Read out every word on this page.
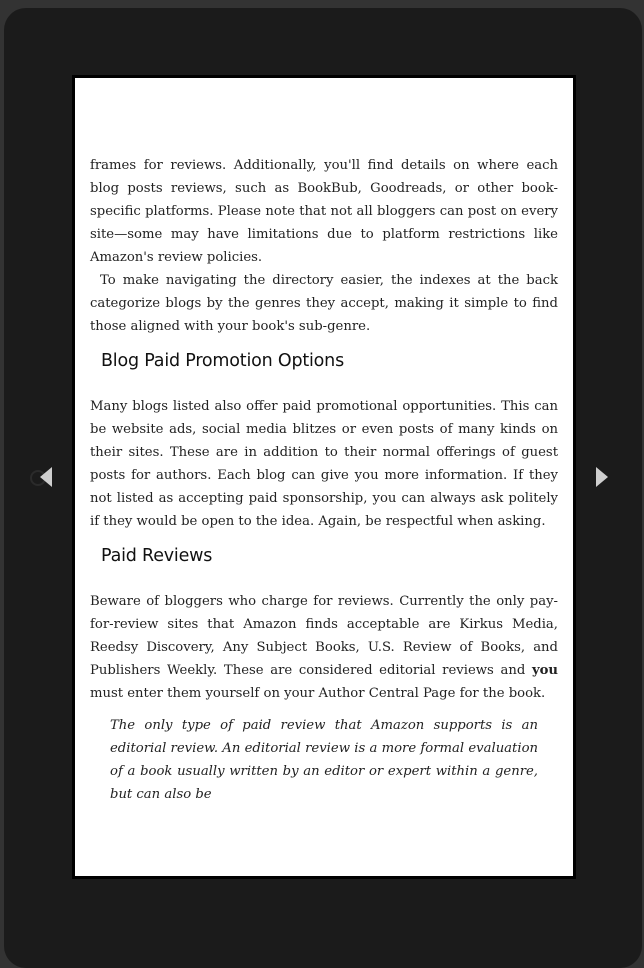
frames for reviews. Additionally, you'll find details on where each blog posts reviews, such as BookBub, Goodreads, or other book-specific platforms. Please note that not all bloggers can post on every site—some may have limitations due to platform restrictions like Amazon's review policies.

To make navigating the directory easier, the indexes at the back categorize blogs by the genres they accept, making it simple to find those aligned with your book's sub-genre.

Blog Paid Promotion Options

Many blogs listed also offer paid promotional opportunities. This can be website ads, social media blitzes or even posts of many kinds on their sites. These are in addition to their normal offerings of guest posts for authors. Each blog can give you more information. If they not listed as accepting paid sponsorship, you can always ask politely if they would be open to the idea. Again, be respectful when asking.

Paid Reviews

Beware of bloggers who charge for reviews. Currently the only pay-for-review sites that Amazon finds acceptable are Kirkus Media, Reedsy Discovery, Any Subject Books, U.S. Review of Books, and Publishers Weekly. These are considered editorial reviews and you must enter them yourself on your Author Central Page for the book.

The only type of paid review that Amazon supports is an editorial review. An editorial review is a more formal evaluation of a book usually written by an editor or expert within a genre, but can also be
